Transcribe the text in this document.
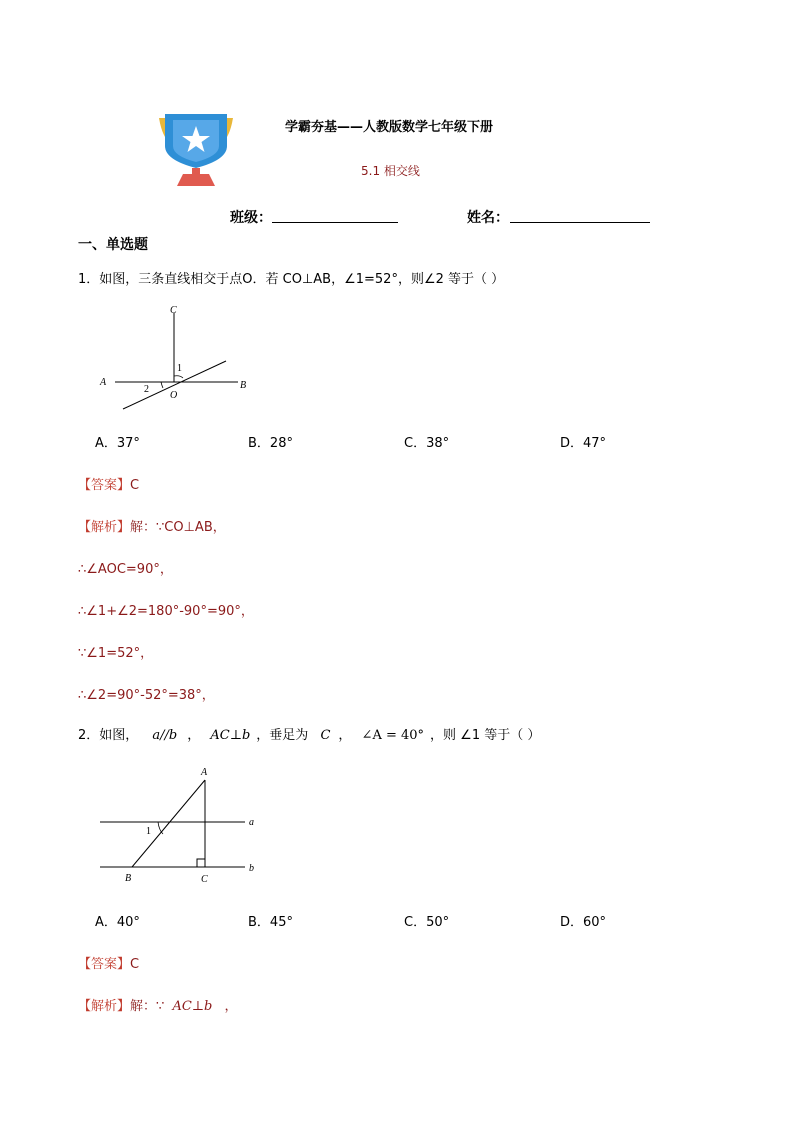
学霸夯基——人教版数学七年级下册
5.1 相交线
班级：	姓名：
一、单选题
1．如图，三条直线相交于点O．若 CO⊥AB，∠1=52°，则∠2 等于（ ）
C
A	B
O
1
2
A．37°	B．28°	C．38°	D．47°
【答案】C
【解析】解：∵CO⊥AB，
∴∠AOC=90°，
∴∠1+∠2=180°-90°=90°，
∵∠1=52°，
∴∠2=90°-52°=38°，
2．如图， a//b ， AC⊥b ，垂足为 C ， ∠A = 40° ，则 ∠1 等于（ ）
A
B	C
a
b
1
A．40°	B．45°	C．50°	D．60°
【答案】C
【解析】解：∵ AC⊥b ，
